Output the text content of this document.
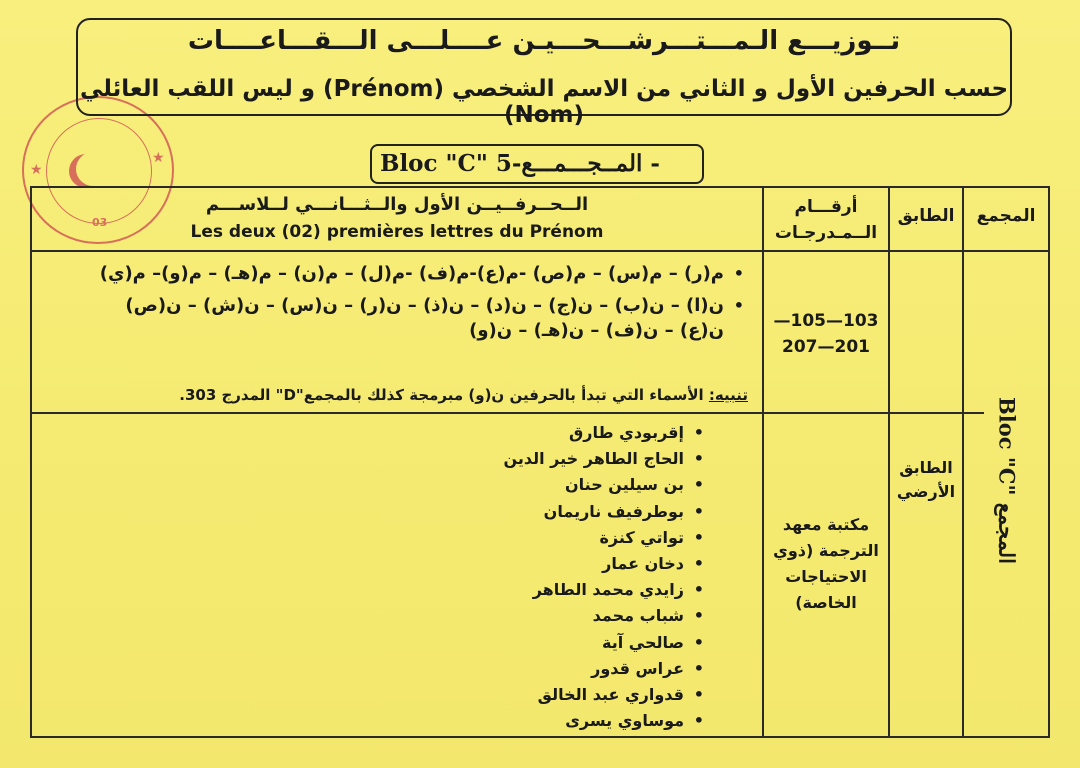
★
★
03
تــوزيـــع الـمـــتـــرشـــحـــيـن عــــلـــى الـــقـــاعــــات
حسب الحرفين الأول و الثاني من الاسم الشخصي (Prénom) و ليس اللقب العائلي (Nom)
Bloc "C" المــجـــمـــع-5 -
الــحــرفــيــن الأول والــثـــانـــي لــلاســـم
Les deux (02) premières lettres du Prénom
أرقـــام الــمـدرجـات
الطابق	المجمع
• م(ر) – م(س) – م(ص) -م(ع)-م(ف) -م(ل) – م(ن) – م(هـ) – م(و)– م(ي)
• ن(ا) – ن(ب) – ن(ج) – ن(د) – ن(ذ) – ن(ر) – ن(س) – ن(ش) – ن(ص)
ن(ع) – ن(ف) – ن(هـ) – ن(و)
تنبيه: الأسماء التي تبدأ بالحرفين ن(و) مبرمجة كذلك بالمجمع"D" المدرج 303.
—105—103
207—201
• إقربودي طارق
• الحاج الطاهر خير الدين
• بن سيلين حنان
• بوطرفيف ناريمان
• تواتي كنزة
• دخان عمار
• زايدي محمد الطاهر
• شباب محمد
• صالحي آية
• عراس قدور
• قدواري عبد الخالق
• موساوي يسرى
مكتبة معهد الترجمة (ذوي الاحتياجات الخاصة)
الطابق الأرضي Bloc "C" المجمع
